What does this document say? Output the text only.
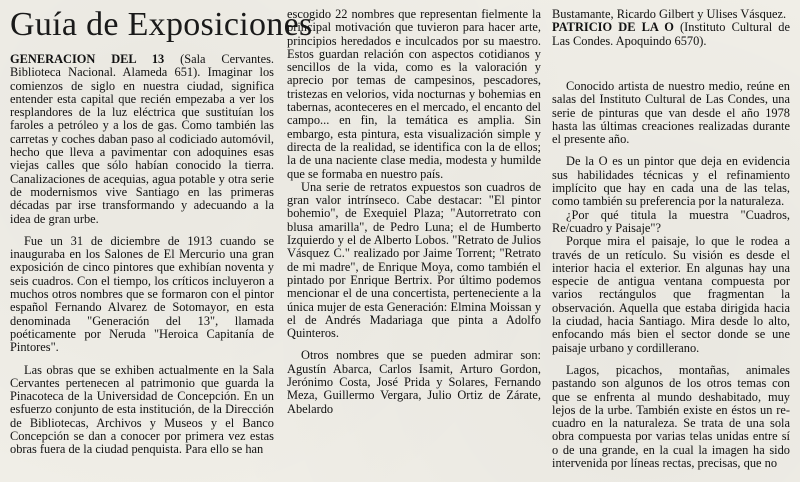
Guía de Exposiciones

GENERACION DEL 13 (Sala Cervantes. Biblioteca Nacional. Alameda 651). Imaginar los comienzos de siglo en nuestra ciudad, significa entender esta capital que recién empezaba a ver los resplandores de la luz eléctrica que sustituían los faroles a petróleo y a los de gas. Como también las carretas y coches daban paso al codiciado automóvil, hecho que lleva a pavimentar con adoquines esas viejas calles que sólo habían conocido la tierra. Canalizaciones de acequias, agua potable y otra serie de modernismos vive Santiago en las primeras décadas par irse transformando y adecuando a la idea de gran urbe.

Fue un 31 de diciembre de 1913 cuando se inauguraba en los Salones de El Mercurio una gran exposición de cinco pintores que exhibían noventa y seis cuadros. Con el tiempo, los críticos incluyeron a muchos otros nombres que se formaron con el pintor español Fernando Alvarez de Sotomayor, en esta denominada "Generación del 13", llamada poéticamente por Neruda "Heroica Capitanía de Pintores".

Las obras que se exhiben actualmente en la Sala Cervantes pertenecen al patrimonio que guarda la Pinacoteca de la Universidad de Concepción. En un esfuerzo conjunto de esta institución, de la Dirección de Bibliotecas, Archivos y Museos y el Banco Concepción se dan a conocer por primera vez estas obras fuera de la ciudad penquista. Para ello se han

escogido 22 nombres que representan fielmente la principal motivación que tuvieron para hacer arte, principios heredados e inculcados por su maestro. Estos guardan relación con aspectos cotidianos y sencillos de la vida, como es la valoración y aprecio por temas de campesinos, pescadores, tristezas en velorios, vida nocturnas y bohemias en tabernas, aconteceres en el mercado, el encanto del campo... en fin, la temática es amplia. Sin embargo, esta pintura, esta visualización simple y directa de la realidad, se identifica con la de ellos; la de una naciente clase media, modesta y humilde que se formaba en nuestro país.

Una serie de retratos expuestos son cuadros de gran valor intrínseco. Cabe destacar: "El pintor bohemio", de Exequiel Plaza; "Autorretrato con blusa amarilla", de Pedro Luna; el de Humberto Izquierdo y el de Alberto Lobos. "Retrato de Julios Vásquez C." realizado por Jaime Torrent; "Retrato de mi madre", de Enrique Moya, como también el pintado por Enrique Bertrix. Por último podemos mencionar el de una concertista, perteneciente a la única mujer de esta Generación: Elmina Moissan y el de Andrés Madariaga que pinta a Adolfo Quinteros.

Otros nombres que se pueden admirar son: Agustín Abarca, Carlos Isamit, Arturo Gordon, Jerónimo Costa, José Prida y Solares, Fernando Meza, Guillermo Vergara, Julio Ortiz de Zárate, Abelardo

Bustamante, Ricardo Gilbert y Ulises Vásquez.

PATRICIO DE LA O (Instituto Cultural de Las Condes. Apoquindo 6570).

Conocido artista de nuestro medio, reúne en salas del Instituto Cultural de Las Condes, una serie de pinturas que van desde el año 1978 hasta las últimas creaciones realizadas durante el presente año.

De la O es un pintor que deja en evidencia sus habilidades técnicas y el refinamiento implícito que hay en cada una de las telas, como también su preferencia por la naturaleza.

¿Por qué titula la muestra "Cuadros, Re/cuadro y Paisaje"?

Porque mira el paisaje, lo que le rodea a través de un retículo. Su visión es desde el interior hacia el exterior. En algunas hay una especie de antigua ventana compuesta por varios rectángulos que fragmentan la observación. Aquella que estaba dirigida hacia la ciudad, hacia Santiago. Mira desde lo alto, enfocando más bien el sector donde se une paisaje urbano y cordillerano.

Lagos, picachos, montañas, animales pastando son algunos de los otros temas con que se enfrenta al mundo deshabitado, muy lejos de la urbe. También existe en éstos un re-cuadro en la naturaleza. Se trata de una sola obra compuesta por varias telas unidas entre sí o de una grande, en la cual la imagen ha sido intervenida por líneas rectas, precisas, que no
